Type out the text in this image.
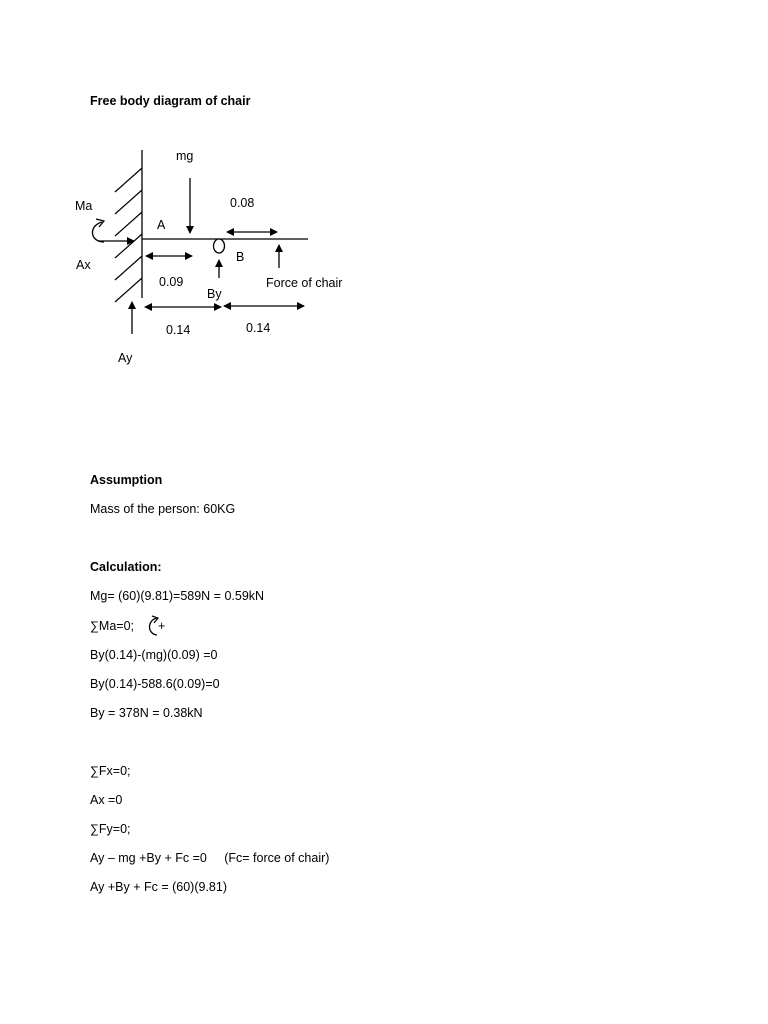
Free body diagram of chair
mg
Ma
A
Ax
B
By
Force of chair
Ay
0.08
0.09
0.14	0.14
Assumption
Mass of the person: 60KG
Calculation:
Mg= (60)(9.81)=589N = 0.59kN
∑Ma=0; +
By(0.14)-(mg)(0.09) =0
By(0.14)-588.6(0.09)=0
By = 378N = 0.38kN
∑Fx=0;
Ax =0
∑Fy=0;
Ay – mg +By + Fc =0     (Fc= force of chair)
Ay +By + Fc = (60)(9.81)
